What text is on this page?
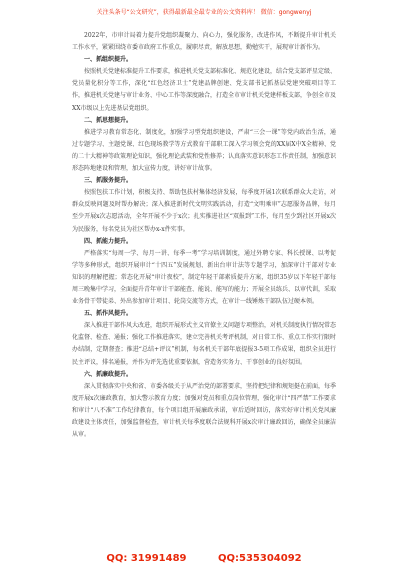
关注头条号“公文研究”，获得最新最全最专业的公文资料库！ 微信：gongwenyj

2022年，市审计局着力提升党组织凝聚力、向心力，强化服务，改进作风，不断提升审计机关工作水平，紧紧围绕市委市政府工作重点，履职尽责，解放思想，勤勉实干，展现审计新作为。

一、抓组织提升。

按照机关党建标准提升工作要求，推进机关党支部标准化、规范化建设，结合党支部评星定级、党员量化积分等工作，深化“红色经济卫士”党建品牌创建、党支部书记抓基层党建突破项目等工作，推进机关党建与审计业务、中心工作等深度融合，打造全市审计机关党建样板支部，争创全市及XX市级以上先进基层党组织。

二、抓思想提升。

推进学习教育常态化、制度化，加强学习型党组织建设，严肃“三会一课”等党内政治生活，通过专题学习、主题党课、红色现场教学等方式教育干部职工深入学习领会党的XX届X中X全精神、党的二十大精神等政策理论知识，强化理论武装和党性修养；认真落实意识形态工作责任制，加强意识形态阵地建设和管理，加大宣传力度，讲好审计故事。

三、抓服务提升。

按照包扶工作计划，积极支持、帮助包扶村集体经济发展，每季度开展1次联系群众大走访，对群众反映问题及时帮办解决；深入推进新时代文明实践活动，打造“文明乘审”志愿服务品牌，每月至少开展x次志愿活动，全年开展不少于x次；扎实推进社区“双报到”工作，每月至少到社区开展x次为民服务，每名党员为社区帮办x-x件实事。

四、抓能力提升。

严格落实“每周一学、每月一讲、每季一考”学习培训制度，通过外聘专家、科长授课、以考促学等多种形式，组织开展审计“十四五”发展规划、新出台审计法等专题学习，加深审计干部对专业知识的理解把握；常态化开展“审计夜校”，制定年轻干部素质提升方案，组织35岁以下年轻干部每周三晚集中学习，全面提升青年审计干部能查、能说、能写的能力；开展全员练兵、以审代训，采取业务骨干带徒弟、外出参加审计项目、轮岗交流等方式，在审计一线锤炼干部队伍过硬本领。

五、抓作风提升。

深入推进干部作风大改进，组织开展形式主义官僚主义问题专项整治，对机关制度执行情况常态化监督、检查、通报；强化工作推进落实，建立完善机关考评机制，对日常工作、重点工作实行限时办结制，定期督查；推进“总结+评议”机制，每名机关干部年底提报3-5项工作成果，组织全员进行民主评议，排名通报，并作为评先选优重要依据，营造务实务力、干事创业的良好氛围。

六、抓廉政提升。

深入贯彻落实中央和省、市委各级关于从严治党的部署要求，坚持把纪律和规矩挺在前面，每季度开展x次廉政教育，加大警示教育力度；加强对党员和重点岗位管理，强化审计“四严禁”工作要求和审计“八不准”工作纪律教育，每个项目组开展廉政承诺，审后适时回访，落实好审计机关党风廉政建设主体责任，加强监督检查，审计机关每季度联合法规科开展x次审计廉政回访，确保全员廉洁从审。

QQ: 31991489	QQ:535304092
